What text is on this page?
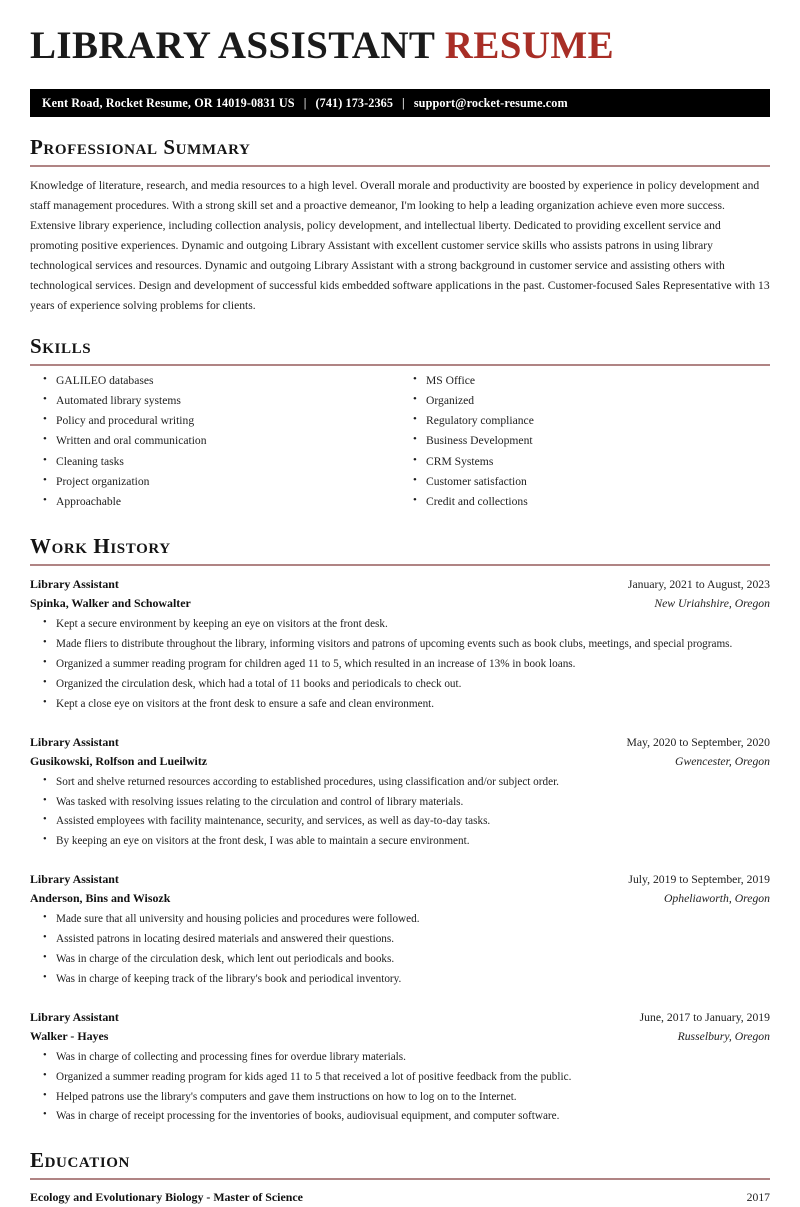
LIBRARY ASSISTANT RESUME
Kent Road, Rocket Resume, OR 14019-0831 US | (741) 173-2365 | support@rocket-resume.com
Professional Summary

Knowledge of literature, research, and media resources to a high level. Overall morale and productivity are boosted by experience in policy development and staff management procedures. With a strong skill set and a proactive demeanor, I'm looking to help a leading organization achieve even more success. Extensive library experience, including collection analysis, policy development, and intellectual liberty. Dedicated to providing excellent service and promoting positive experiences. Dynamic and outgoing Library Assistant with excellent customer service skills who assists patrons in using library technological services and resources. Dynamic and outgoing Library Assistant with a strong background in customer service and assisting others with technological services. Design and development of successful kids embedded software applications in the past. Customer-focused Sales Representative with 13 years of experience solving problems for clients.

Skills
• GALILEO databases
• Automated library systems
• Policy and procedural writing
• Written and oral communication
• Cleaning tasks
• Project organization
• Approachable
• MS Office
• Organized
• Regulatory compliance
• Business Development
• CRM Systems
• Customer satisfaction
• Credit and collections
Work History
Library Assistant	January, 2021 to August, 2023
Spinka, Walker and Schowalter	New Uriahshire, Oregon
• Kept a secure environment by keeping an eye on visitors at the front desk.
• Made fliers to distribute throughout the library, informing visitors and patrons of upcoming events such as book clubs, meetings, and special programs.
• Organized a summer reading program for children aged 11 to 5, which resulted in an increase of 13% in book loans.
• Organized the circulation desk, which had a total of 11 books and periodicals to check out.
• Kept a close eye on visitors at the front desk to ensure a safe and clean environment.
Library Assistant	May, 2020 to September, 2020
Gusikowski, Rolfson and Lueilwitz	Gwencester, Oregon
• Sort and shelve returned resources according to established procedures, using classification and/or subject order.
• Was tasked with resolving issues relating to the circulation and control of library materials.
• Assisted employees with facility maintenance, security, and services, as well as day-to-day tasks.
• By keeping an eye on visitors at the front desk, I was able to maintain a secure environment.
Library Assistant	July, 2019 to September, 2019
Anderson, Bins and Wisozk	Opheliaworth, Oregon
• Made sure that all university and housing policies and procedures were followed.
• Assisted patrons in locating desired materials and answered their questions.
• Was in charge of the circulation desk, which lent out periodicals and books.
• Was in charge of keeping track of the library's book and periodical inventory.
Library Assistant	June, 2017 to January, 2019
Walker - Hayes	Russelbury, Oregon
• Was in charge of collecting and processing fines for overdue library materials.
• Organized a summer reading program for kids aged 11 to 5 that received a lot of positive feedback from the public.
• Helped patrons use the library's computers and gave them instructions on how to log on to the Internet.
• Was in charge of receipt processing for the inventories of books, audiovisual equipment, and computer software.
Education
Ecology and Evolutionary Biology - Master of Science	2017
